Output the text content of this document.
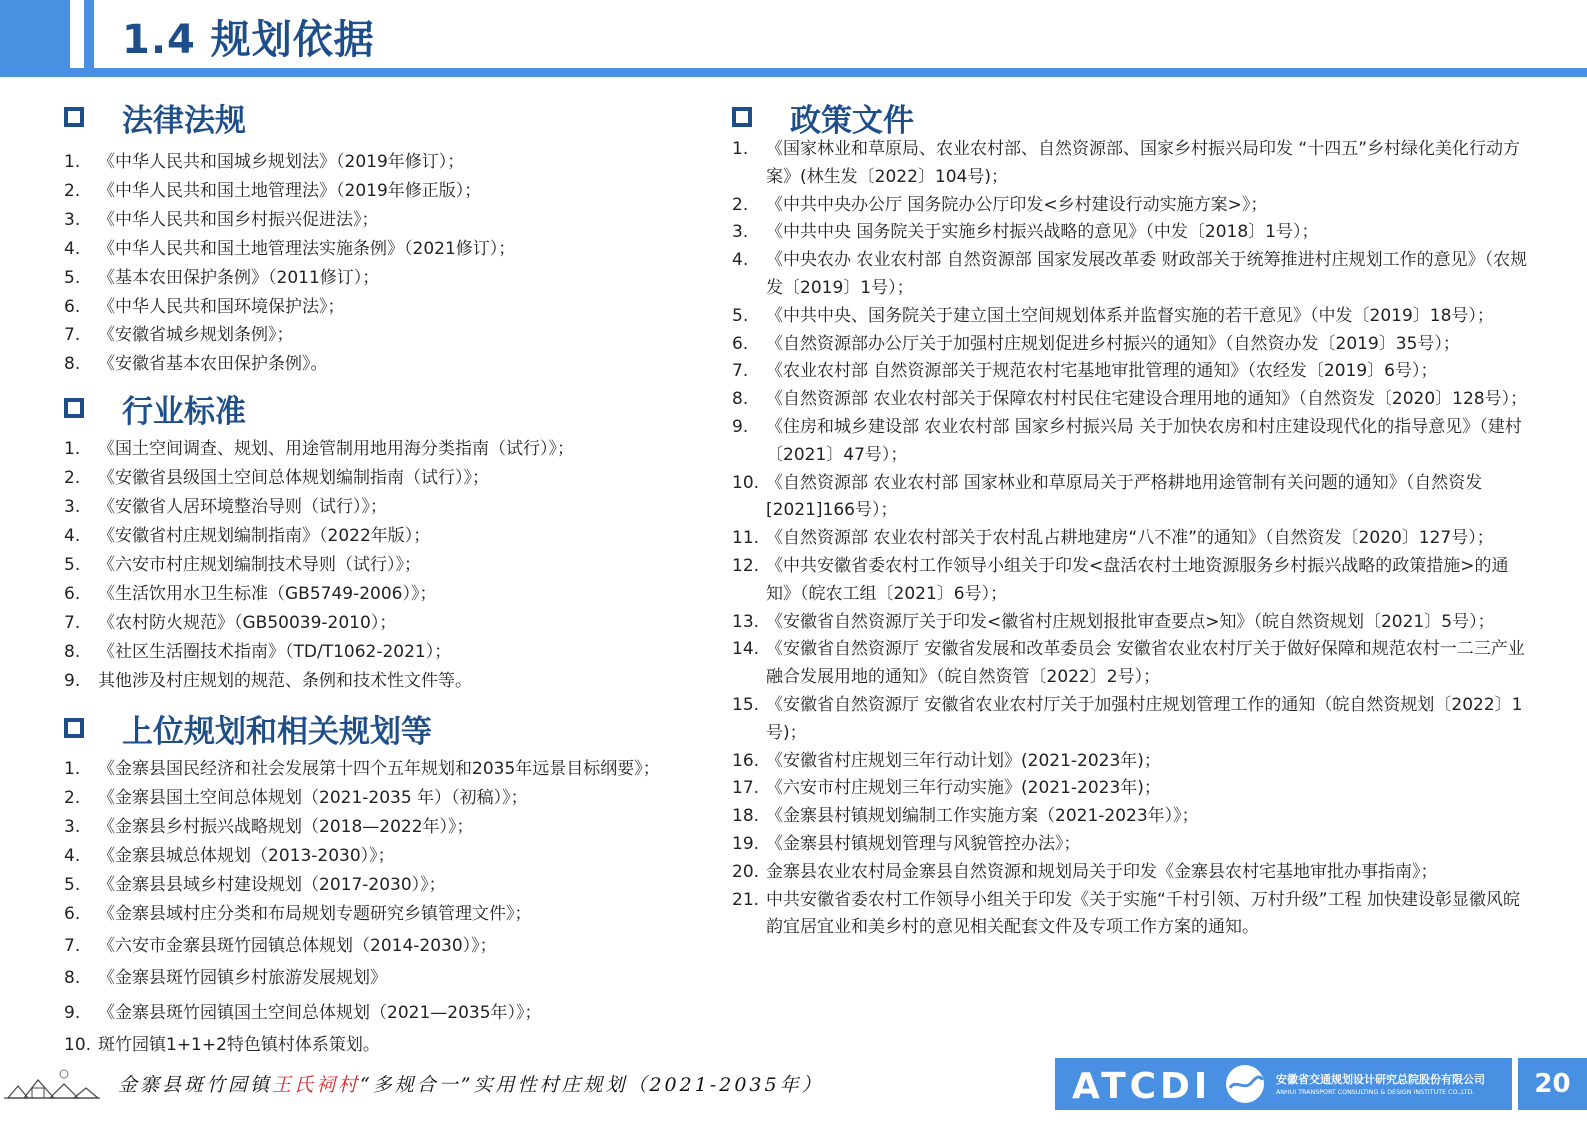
1.4 规划依据
法律法规
1.	《中华人民共和国城乡规划法》（2019年修订）；
2.	《中华人民共和国土地管理法》（2019年修正版）；
3.	《中华人民共和国乡村振兴促进法》；
4.	《中华人民共和国土地管理法实施条例》（2021修订）；
5.	《基本农田保护条例》（2011修订）；
6.	《中华人民共和国环境保护法》；
7.	《安徽省城乡规划条例》；
8.	《安徽省基本农田保护条例》。
行业标准
1.	《国土空间调查、规划、用途管制用地用海分类指南（试行）》；
2.	《安徽省县级国土空间总体规划编制指南（试行）》；
3.	《安徽省人居环境整治导则（试行）》；
4.	《安徽省村庄规划编制指南》（2022年版）；
5.	《六安市村庄规划编制技术导则（试行）》；
6.	《生活饮用水卫生标准（GB5749-2006）》；
7.	《农村防火规范》（GB50039-2010）；
8.	《社区生活圈技术指南》（TD/T1062-2021）；
9.	其他涉及村庄规划的规范、条例和技术性文件等。
上位规划和相关规划等
1.	《金寨县国民经济和社会发展第十四个五年规划和2035年远景目标纲要》；
2.	《金寨县国土空间总体规划（2021-2035 年）（初稿）》；
3.	《金寨县乡村振兴战略规划（2018—2022年）》；
4.	《金寨县城总体规划（2013-2030）》；
5.	《金寨县县域乡村建设规划（2017-2030）》；
6.	《金寨县域村庄分类和布局规划专题研究乡镇管理文件》；
7.	《六安市金寨县斑竹园镇总体规划（2014-2030）》；
8.	《金寨县斑竹园镇乡村旅游发展规划》
9.	《金寨县斑竹园镇国土空间总体规划（2021—2035年）》；
10. 斑竹园镇1+1+2特色镇村体系策划。
政策文件
1.	《国家林业和草原局、农业农村部、自然资源部、国家乡村振兴局印发 “十四五”乡村绿化美化行动方案》(林生发〔2022〕104号)；
2.	《中共中央办公厅 国务院办公厅印发<乡村建设行动实施方案>》；
3.	《中共中央 国务院关于实施乡村振兴战略的意见》（中发〔2018〕1号）；
4.	《中央农办 农业农村部 自然资源部 国家发展改革委 财政部关于统筹推进村庄规划工作的意见》（农规发〔2019〕1号）；
5.	《中共中央、国务院关于建立国土空间规划体系并监督实施的若干意见》（中发〔2019〕18号）；
6.	《自然资源部办公厅关于加强村庄规划促进乡村振兴的通知》（自然资办发〔2019〕35号）；
7.	《农业农村部 自然资源部关于规范农村宅基地审批管理的通知》（农经发〔2019〕6号）；
8.	《自然资源部 农业农村部关于保障农村村民住宅建设合理用地的通知》（自然资发〔2020〕128号）；
9.	《住房和城乡建设部 农业农村部 国家乡村振兴局 关于加快农房和村庄建设现代化的指导意见》（建村〔2021〕47号）；
10. 《自然资源部 农业农村部 国家林业和草原局关于严格耕地用途管制有关问题的通知》（自然资发[2021]166号）；
11. 《自然资源部 农业农村部关于农村乱占耕地建房“八不准”的通知》（自然资发〔2020〕127号）；
12. 《中共安徽省委农村工作领导小组关于印发<盘活农村土地资源服务乡村振兴战略的政策措施>的通知》（皖农工组〔2021〕6号）；
13. 《安徽省自然资源厅关于印发<徽省村庄规划报批审查要点>知》（皖自然资规划〔2021〕5号）；
14. 《安徽省自然资源厅 安徽省发展和改革委员会 安徽省农业农村厅关于做好保障和规范农村一二三产业融合发展用地的通知》（皖自然资管〔2022〕2号）；
15. 《安徽省自然资源厅 安徽省农业农村厅关于加强村庄规划管理工作的通知（皖自然资规划〔2022〕1号)；
16. 《安徽省村庄规划三年行动计划》(2021-2023年)；
17. 《六安市村庄规划三年行动实施》(2021-2023年)；
18. 《金寨县村镇规划编制工作实施方案（2021-2023年）》；
19. 《金寨县村镇规划管理与风貌管控办法》；
20. 金寨县农业农村局金寨县自然资源和规划局关于印发《金寨县农村宅基地审批办事指南》；
21. 中共安徽省委农村工作领导小组关于印发《关于实施“千村引领、万村升级”工程 加快建设彰显徽风皖韵宜居宜业和美乡村的意见相关配套文件及专项工作方案的通知。
金寨县斑竹园镇王氏祠村“多规合一”实用性村庄规划（2021-2035年）	ATCDI	安徽省交通规划设计研究总院股份有限公司
ANHUI TRANSPORT CONSULTING & DESIGN INSTITUTE CO.,LTD.	20
